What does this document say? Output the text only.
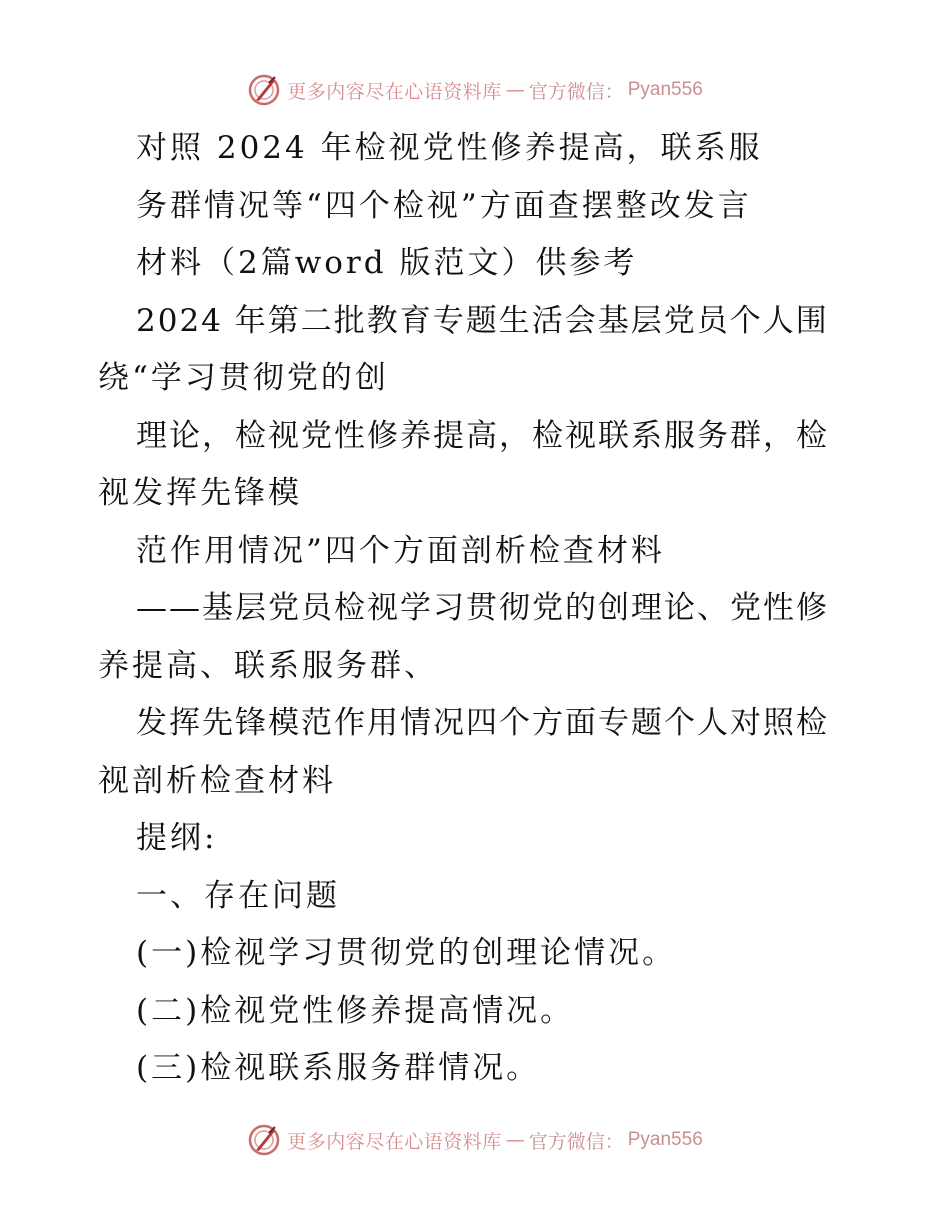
更多内容尽在心语资料库 — 官方微信： Pyan556

对照 2024 年检视党性修养提高，联系服

务群情况等“四个检视”方面查摆整改发言

材料（2篇word 版范文）供参考

2024 年第二批教育专题生活会基层党员个人围

绕“学习贯彻党的创

理论，检视党性修养提高，检视联系服务群，检

视发挥先锋模

范作用情况”四个方面剖析检查材料

——基层党员检视学习贯彻党的创理论、党性修

养提高、联系服务群、

发挥先锋模范作用情况四个方面专题个人对照检

视剖析检查材料

提纲:

一、存在问题

(一)检视学习贯彻党的创理论情况。

(二)检视党性修养提高情况。

(三)检视联系服务群情况。

更多内容尽在心语资料库 — 官方微信： Pyan556
